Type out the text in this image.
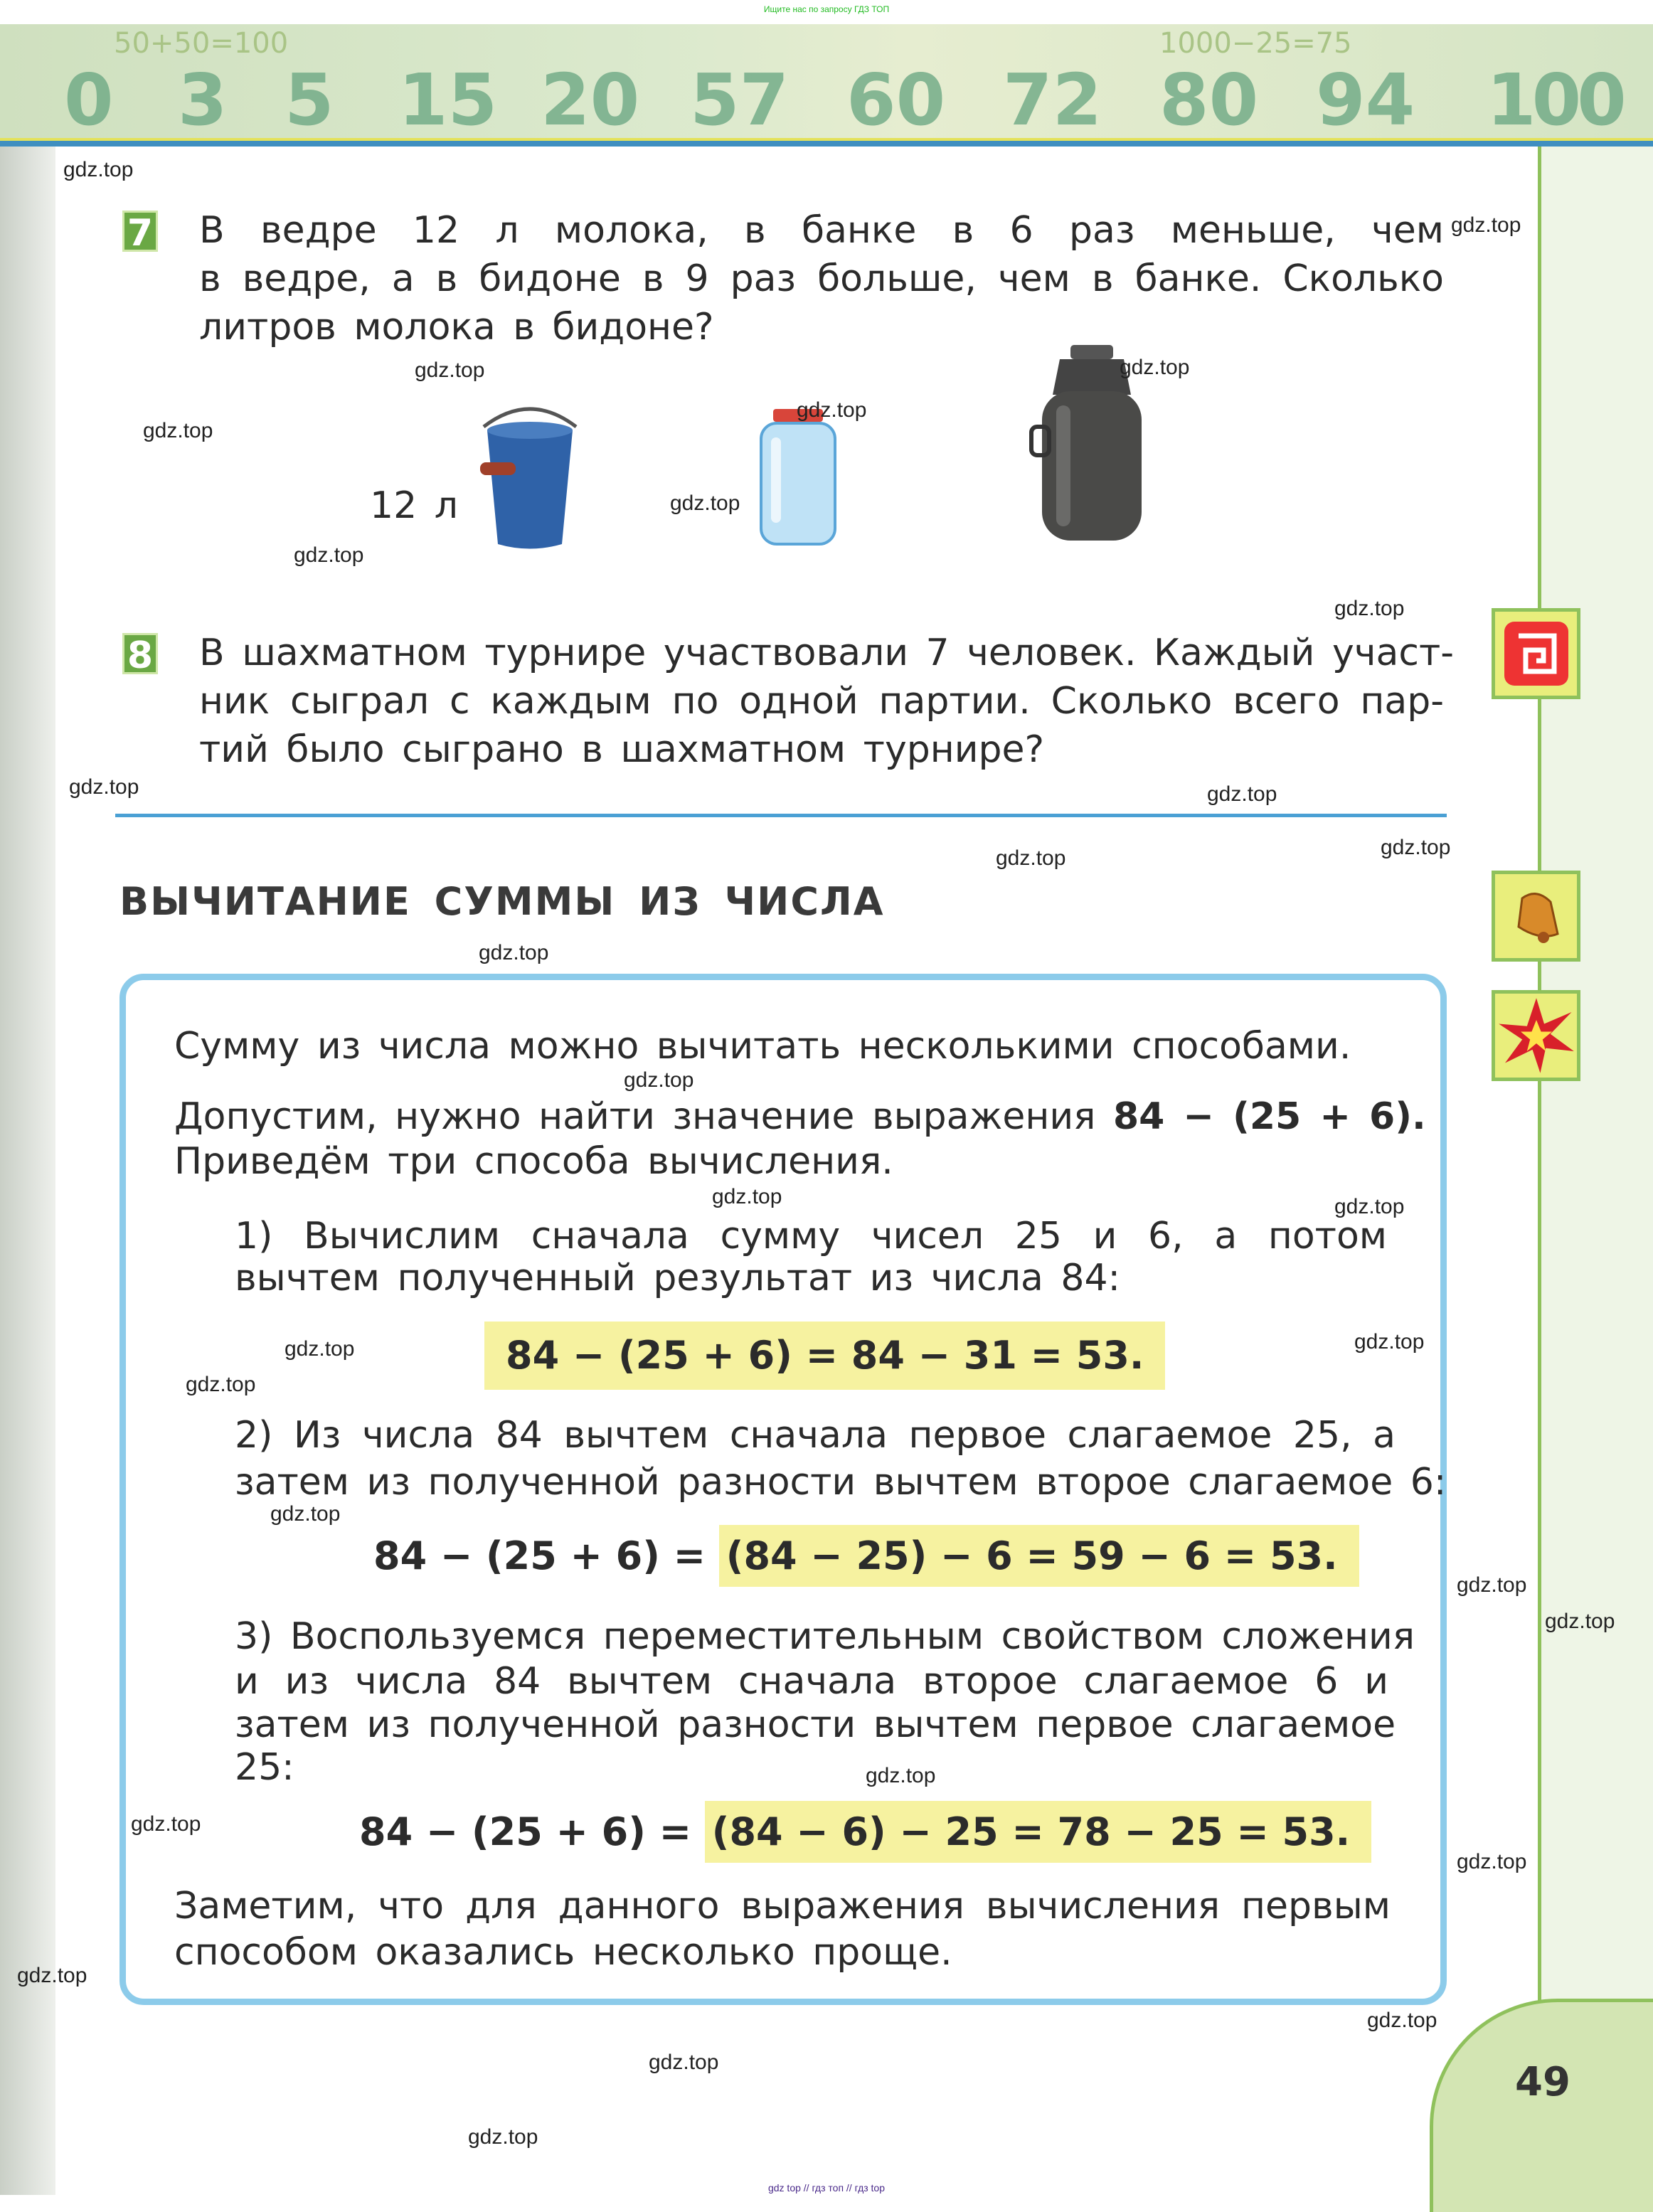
Ищите нас по запросу ГДЗ ТОП
0 3 5 15 20 57 60 72 80 94 100
50+50=100	1000−25=75
49
7 В ведре 12 л молока, в банке в 6 раз меньше, чем
в ведре, а в бидоне в 9 раз больше, чем в банке. Сколько
литров молока в бидоне?
12 л
8 В шахматном турнире участвовали 7 человек. Каждый участ-
ник сыграл с каждым по одной партии. Сколько всего пар-
тий было сыграно в шахматном турнире?
ВЫЧИТАНИЕ СУММЫ ИЗ ЧИСЛА
Сумму из числа можно вычитать несколькими способами.
Допустим, нужно найти значение выражения 84 − (25 + 6).
Приведём три способа вычисления.
1) Вычислим сначала сумму чисел 25 и 6, а потом
вычтем полученный результат из числа 84:
84 − (25 + 6) = 84 − 31 = 53.
2) Из числа 84 вычтем сначала первое слагаемое 25, а
затем из полученной разности вычтем второе слагаемое 6:
84 − (25 + 6) = (84 − 25) − 6 = 59 − 6 = 53.
3) Воспользуемся переместительным свойством сложения
и из числа 84 вычтем сначала второе слагаемое 6 и
затем из полученной разности вычтем первое слагаемое
25:
84 − (25 + 6) = (84 − 6) − 25 = 78 − 25 = 53.
Заметим, что для данного выражения вычисления первым
способом оказались несколько проще.
gdz.top
gdz.top
gdz.top
gdz.top
gdz.top
gdz.top
gdz.top
gdz.top
gdz.top
gdz.top
gdz.top
gdz.top
gdz.top
gdz.top
gdz.top
gdz.top
gdz.top
gdz.top
gdz.top
gdz.top
gdz.top
gdz.top
gdz.top
gdz.top
gdz.top
gdz.top
gdz.top
gdz.top
gdz.top
gdz.top
gdz top // гдз топ // гдз top
